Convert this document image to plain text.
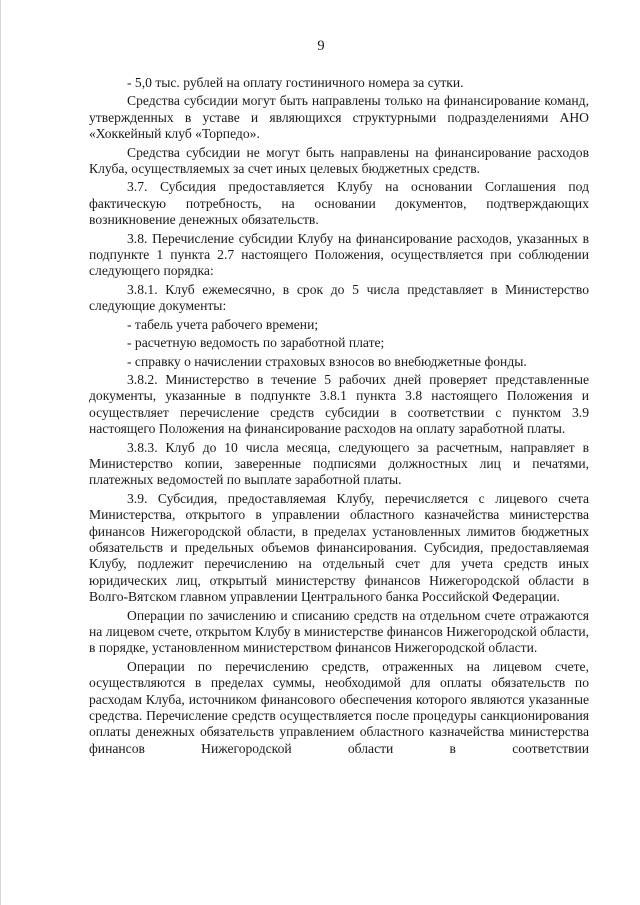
9

- 5,0 тыс. рублей на оплату гостиничного номера за сутки.

Средства субсидии могут быть направлены только на финансирование команд, утвержденных в уставе и являющихся структурными подразделениями АНО «Хоккейный клуб «Торпедо».

Средства субсидии не могут быть направлены на финансирование расходов Клуба, осуществляемых за счет иных целевых бюджетных средств.

3.7. Субсидия предоставляется Клубу на основании Соглашения под фактическую потребность, на основании документов, подтверждающих возникновение денежных обязательств.

3.8. Перечисление субсидии Клубу на финансирование расходов, указанных в подпункте 1 пункта 2.7 настоящего Положения, осуществляется при соблюдении следующего порядка:

3.8.1. Клуб ежемесячно, в срок до 5 числа представляет в Министерство следующие документы:

- табель учета рабочего времени;

- расчетную ведомость по заработной плате;

- справку о начислении страховых взносов во внебюджетные фонды.

3.8.2. Министерство в течение 5 рабочих дней проверяет представленные документы, указанные в подпункте 3.8.1 пункта 3.8 настоящего Положения и осуществляет перечисление средств субсидии в соответствии с пунктом 3.9 настоящего Положения на финансирование расходов на оплату заработной платы.

3.8.3. Клуб до 10 числа месяца, следующего за расчетным, направляет в Министерство копии, заверенные подписями должностных лиц и печатями, платежных ведомостей по выплате заработной платы.

3.9. Субсидия, предоставляемая Клубу, перечисляется с лицевого счета Министерства, открытого в управлении областного казначейства министерства финансов Нижегородской области, в пределах установленных лимитов бюджетных обязательств и предельных объемов финансирования. Субсидия, предоставляемая Клубу, подлежит перечислению на отдельный счет для учета средств иных юридических лиц, открытый министерству финансов Нижегородской области в Волго-Вятском главном управлении Центрального банка Российской Федерации.

Операции по зачислению и списанию средств на отдельном счете отражаются на лицевом счете, открытом Клубу в министерстве финансов Нижегородской области, в порядке, установленном министерством финансов Нижегородской области.

Операции по перечислению средств, отраженных на лицевом счете, осуществляются в пределах суммы, необходимой для оплаты обязательств по расходам Клуба, источником финансового обеспечения которого являются указанные средства. Перечисление средств осуществляется после процедуры санкционирования оплаты денежных обязательств управлением областного казначейства министерства финансов Нижегородской области в соответствии
